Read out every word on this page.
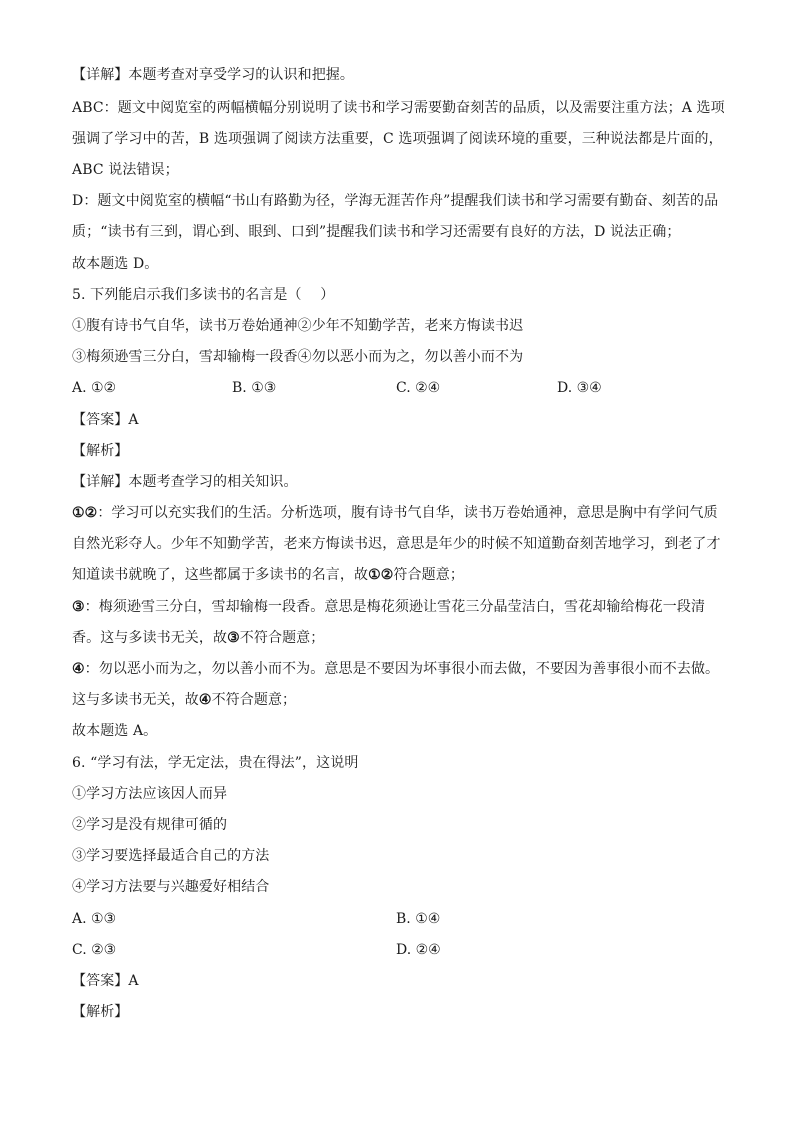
【详解】本题考查对享受学习的认识和把握。
ABC：题文中阅览室的两幅横幅分别说明了读书和学习需要勤奋刻苦的品质，以及需要注重方法；A 选项
强调了学习中的苦，B 选项强调了阅读方法重要，C 选项强调了阅读环境的重要，三种说法都是片面的，
ABC 说法错误；
D：题文中阅览室的横幅“书山有路勤为径，学海无涯苦作舟”提醒我们读书和学习需要有勤奋、刻苦的品
质；“读书有三到，谓心到、眼到、口到”提醒我们读书和学习还需要有良好的方法，D 说法正确；
故本题选 D。
5. 下列能启示我们多读书的名言是（　 ）
①腹有诗书气自华，读书万卷始通神②少年不知勤学苦，老来方悔读书迟
③梅须逊雪三分白，雪却输梅一段香④勿以恶小而为之，勿以善小而不为
A. ①②	B. ①③	C. ②④	D. ③④
【答案】A
【解析】
【详解】本题考查学习的相关知识。
①②：学习可以充实我们的生活。分析选项，腹有诗书气自华，读书万卷始通神，意思是胸中有学问气质
自然光彩夺人。少年不知勤学苦，老来方悔读书迟，意思是年少的时候不知道勤奋刻苦地学习，到老了才
知道读书就晚了，这些都属于多读书的名言，故①②符合题意；
③：梅须逊雪三分白，雪却输梅一段香。意思是梅花须逊让雪花三分晶莹洁白，雪花却输给梅花一段清
香。这与多读书无关，故③不符合题意；
④：勿以恶小而为之，勿以善小而不为。意思是不要因为坏事很小而去做，不要因为善事很小而不去做。
这与多读书无关，故④不符合题意；
故本题选 A。
6. “学习有法，学无定法，贵在得法”，这说明
①学习方法应该因人而异
②学习是没有规律可循的
③学习要选择最适合自己的方法
④学习方法要与兴趣爱好相结合
A. ①③	B. ①④
C. ②③	D. ②④
【答案】A
【解析】
